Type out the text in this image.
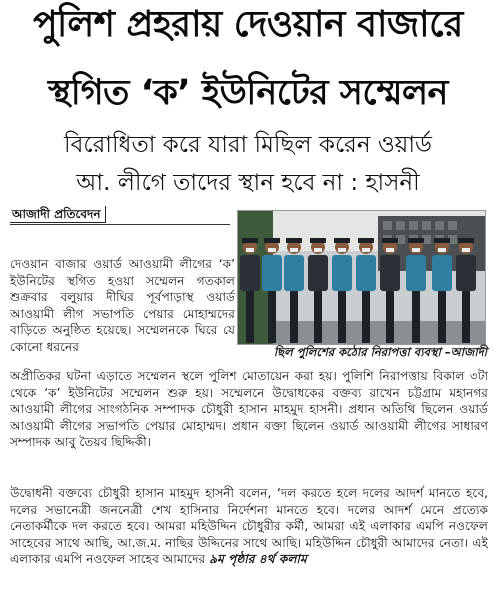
পুলিশ প্রহরায় দেওয়ান বাজারে
স্থগিত ‘ক’ ইউনিটের সম্মেলন
বিরোধিতা করে যারা মিছিল করেন ওয়ার্ড
আ. লীগে তাদের স্থান হবে না : হাসনী
আজাদী প্রতিবেদন
দেওয়ান বাজার ওয়ার্ড আওয়ামী লীগের ‘ক’ ইউনিটের স্থগিত হওয়া সম্মেলন গতকাল শুক্রবার বলুয়ার দীঘির পূর্বপাড়াস্থ ওয়ার্ড আওয়ামী লীগ সভাপতি পেয়ার মোহাম্মদের বাড়িতে অনুষ্ঠিত হয়েছে। সম্মেলনকে ঘিরে যে কোনো ধরনের	ছিল পুলিশের কঠোর নিরাপত্তা ব্যবস্থা –আজাদী
অপ্রীতিকর ঘটনা এড়াতে সম্মেলন স্থলে পুলিশ মোতায়েন করা হয়। পুলিশি নিরাপত্তায় বিকাল ৩টা থেকে ‘ক’ ইউনিটের সম্মেলন শুরু হয়। সম্মেলনে উদ্বোধকের বক্তব্য রাখেন চট্টগ্রাম মহানগর আওয়ামী লীগের সাংগঠনিক সম্পাদক চৌধুরী হাসান মাহমুদ হাসনী। প্রধান অতিথি ছিলেন ওয়ার্ড আওয়ামী লীগের সভাপতি পেয়ার মোহাম্মদ। প্রধান বক্তা ছিলেন ওয়ার্ড আওয়ামী লীগের সাধারণ সম্পাদক আবু তৈয়ব ছিদ্দিকী।
উদ্বোধনী বক্তব্যে চৌধুরী হাসান মাহমুদ হাসনী বলেন, ‘দল করতে হলে দলের আদর্শ মানতে হবে, দলের সভানেত্রী জননেত্রী শেখ হাসিনার নির্দেশনা মানতে হবে। দলের আদর্শ মেনে প্রত্যেক নেতাকর্মীকে দল করতে হবে। আমরা মহিউদ্দিন চৌধুরীর কর্মী, আমরা এই এলাকার এমপি নওফেল সাহেবের সাথে আছি, আ.জ.ম. নাছির উদ্দিনের সাথে আছি। মহিউদ্দিন চৌধুরী আমাদের নেতা। এই এলাকার এমপি নওফেল সাহেব আমাদের ৯ম পৃষ্ঠার ৪র্থ কলাম
